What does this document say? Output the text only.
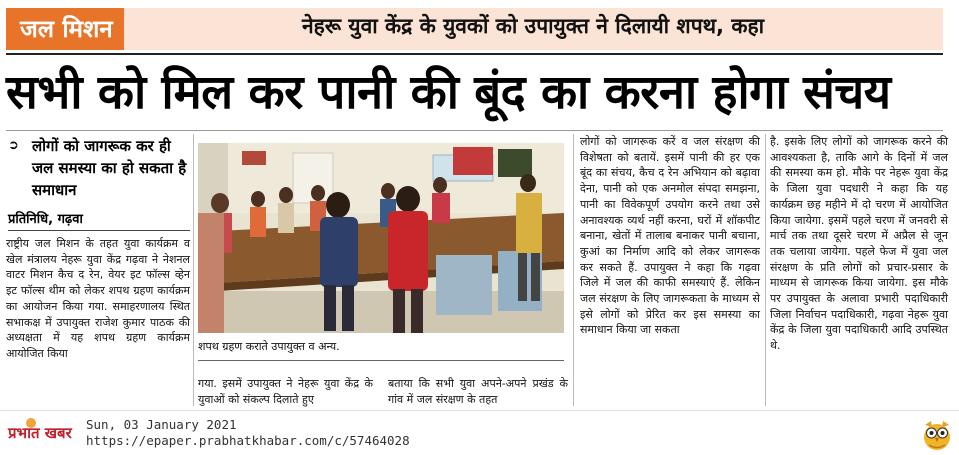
जल मिशन	नेहरू युवा केंद्र के युवकों को उपायुक्त ने दिलायी शपथ, कहा
सभी को मिल कर पानी की बूंद का करना होगा संचय
➲ लोगों को जागरूक कर ही जल समस्या का हो सकता है समाधान
प्रतिनिधि, गढ़वा
राष्ट्रीय जल मिशन के तहत युवा कार्यक्रम व खेल मंत्रालय नेहरू युवा केंद्र गढ़वा ने नेशनल वाटर मिशन कैच द रेन, वेयर इट फॉल्स व्हेन इट फॉल्स थीम को लेकर शपथ ग्रहण कार्यक्रम का आयोजन किया गया. समाहरणालय स्थित सभाकक्ष में उपायुक्त राजेश कुमार पाठक की अध्यक्षता में यह शपथ ग्रहण कार्यक्रम आयोजित किया
शपथ ग्रहण कराते उपायुक्त व अन्य.
गया. इसमें उपायुक्त ने नेहरू युवा केंद्र के युवाओं को संकल्प दिलाते हुए
बताया कि सभी युवा अपने-अपने प्रखंड के गांव में जल संरक्षण के तहत
लोगों को जागरूक करें व जल संरक्षण की विशेषता को बतायें. इसमें पानी की हर एक बूंद का संचय, कैच द रेन अभियान को बढ़ावा देना, पानी को एक अनमोल संपदा समझना, पानी का विवेकपूर्ण उपयोग करने तथा उसे अनावश्यक व्यर्थ नहीं करना, घरों में शॉकपीट बनाना, खेतों में तालाब बनाकर पानी बचाना, कुआं का निर्माण आदि को लेकर जागरूक कर सकते हैं. उपायुक्त ने कहा कि गढ़वा जिले में जल की काफी समस्याएं हैं. लेकिन जल संरक्षण के लिए जागरूकता के माध्यम से इसे लोगों को प्रेरित कर इस समस्या का समाधान किया जा सकता
है. इसके लिए लोगों को जागरूक करने की आवश्यकता है, ताकि आगे के दिनों में जल की समस्या कम हो. मौके पर नेहरू युवा केंद्र के जिला युवा पदधारी ने कहा कि यह कार्यक्रम छह महीने में दो चरण में आयोजित किया जायेगा. इसमें पहले चरण में जनवरी से मार्च तक तथा दूसरे चरण में अप्रैल से जून तक चलाया जायेगा. पहले फेज में युवा जल संरक्षण के प्रति लोगों को प्रचार-प्रसार के माध्यम से जागरूक किया जायेगा. इस मौके पर उपायुक्त के अलावा प्रभारी पदाधिकारी जिला निर्वाचन पदाधिकारी, गढ़वा नेहरू युवा केंद्र के जिला युवा पदाधिकारी आदि उपस्थित थे.
प्रभात खबर Sun, 03 January 2021
https://epaper.prabhatkhabar.com/c/57464028
